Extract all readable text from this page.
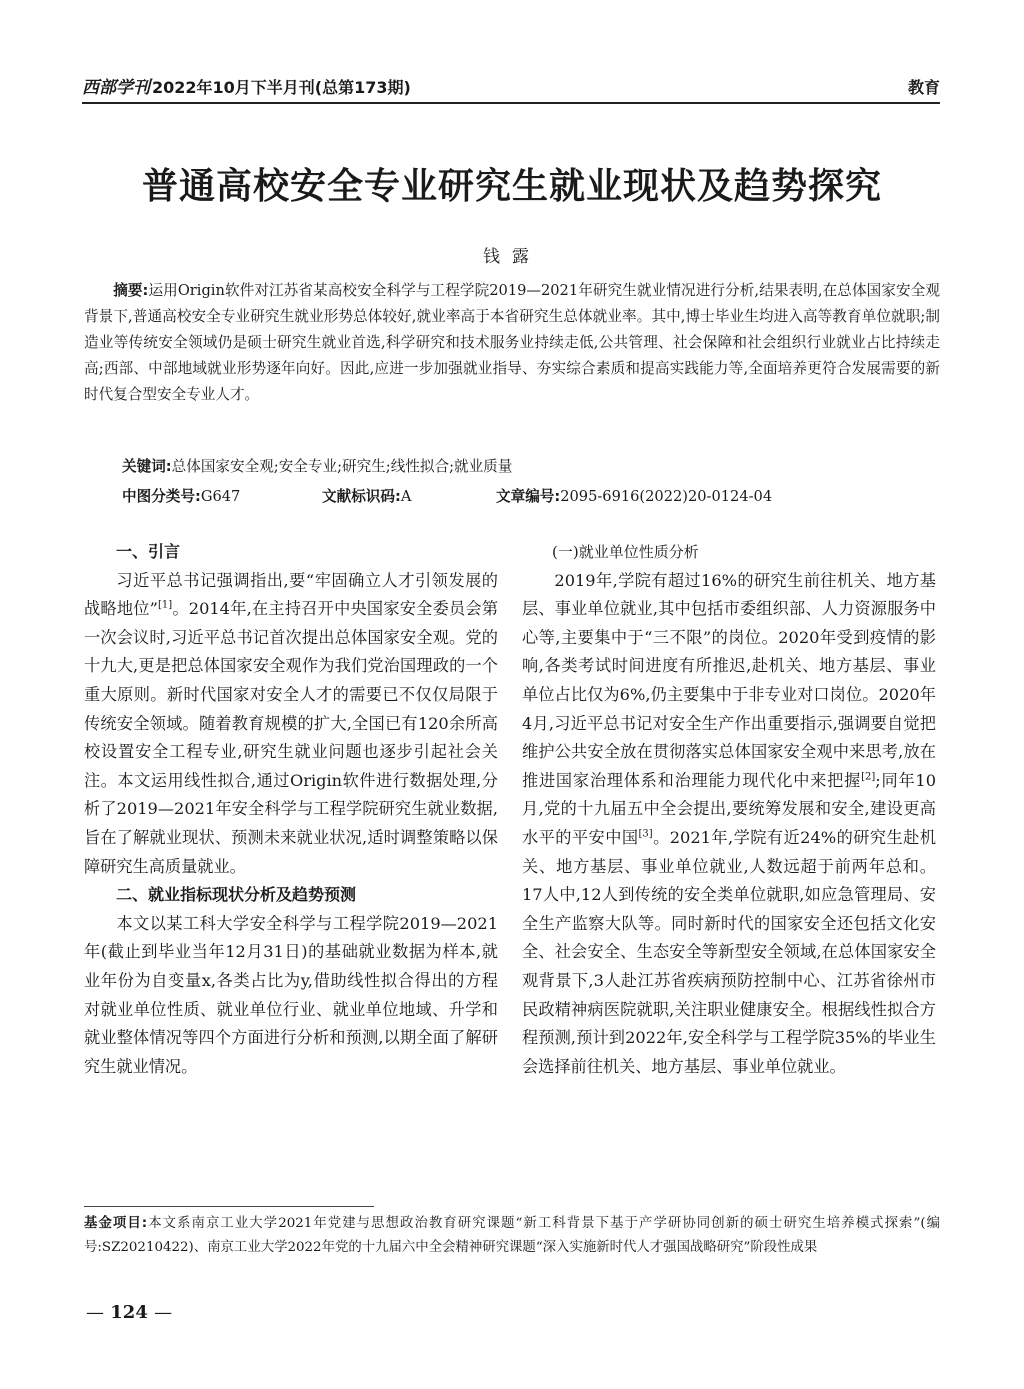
西部学刊 2022年10月下半月刊(总第173期)	教育
普通高校安全专业研究生就业现状及趋势探究
钱露

摘要:运用Origin软件对江苏省某高校安全科学与工程学院2019—2021年研究生就业情况进行分析,结果表明,在总体国家安全观背景下,普通高校安全专业研究生就业形势总体较好,就业率高于本省研究生总体就业率。其中,博士毕业生均进入高等教育单位就职;制造业等传统安全领域仍是硕士研究生就业首选,科学研究和技术服务业持续走低,公共管理、社会保障和社会组织行业就业占比持续走高;西部、中部地域就业形势逐年向好。因此,应进一步加强就业指导、夯实综合素质和提高实践能力等,全面培养更符合发展需要的新时代复合型安全专业人才。

关键词:总体国家安全观;安全专业;研究生;线性拟合;就业质量
中图分类号:G647	文献标识码:A	文章编号:2095-6916(2022)20-0124-04
一、引言

习近平总书记强调指出,要“牢固确立人才引领发展的战略地位”[1]。2014年,在主持召开中央国家安全委员会第一次会议时,习近平总书记首次提出总体国家安全观。党的十九大,更是把总体国家安全观作为我们党治国理政的一个重大原则。新时代国家对安全人才的需要已不仅仅局限于传统安全领域。随着教育规模的扩大,全国已有120余所高校设置安全工程专业,研究生就业问题也逐步引起社会关注。本文运用线性拟合,通过Origin软件进行数据处理,分析了2019—2021年安全科学与工程学院研究生就业数据,旨在了解就业现状、预测未来就业状况,适时调整策略以保障研究生高质量就业。

二、就业指标现状分析及趋势预测

本文以某工科大学安全科学与工程学院2019—2021年(截止到毕业当年12月31日)的基础就业数据为样本,就业年份为自变量x,各类占比为y,借助线性拟合得出的方程对就业单位性质、就业单位行业、就业单位地域、升学和就业整体情况等四个方面进行分析和预测,以期全面了解研究生就业情况。

(一)就业单位性质分析

2019年,学院有超过16%的研究生前往机关、地方基层、事业单位就业,其中包括市委组织部、人力资源服务中心等,主要集中于“三不限”的岗位。2020年受到疫情的影响,各类考试时间进度有所推迟,赴机关、地方基层、事业单位占比仅为6%,仍主要集中于非专业对口岗位。2020年4月,习近平总书记对安全生产作出重要指示,强调要自觉把维护公共安全放在贯彻落实总体国家安全观中来思考,放在推进国家治理体系和治理能力现代化中来把握[2];同年10月,党的十九届五中全会提出,要统筹发展和安全,建设更高水平的平安中国[3]。2021年,学院有近24%的研究生赴机关、地方基层、事业单位就业,人数远超于前两年总和。17人中,12人到传统的安全类单位就职,如应急管理局、安全生产监察大队等。同时新时代的国家安全还包括文化安全、社会安全、生态安全等新型安全领域,在总体国家安全观背景下,3人赴江苏省疾病预防控制中心、江苏省徐州市民政精神病医院就职,关注职业健康安全。根据线性拟合方程预测,预计到2022年,安全科学与工程学院35%的毕业生会选择前往机关、地方基层、事业单位就业。

基金项目:本文系南京工业大学2021年党建与思想政治教育研究课题“新工科背景下基于产学研协同创新的硕士研究生培养模式探索”(编号:SZ20210422)、南京工业大学2022年党的十九届六中全会精神研究课题“深入实施新时代人才强国战略研究”阶段性成果
— 124 —
